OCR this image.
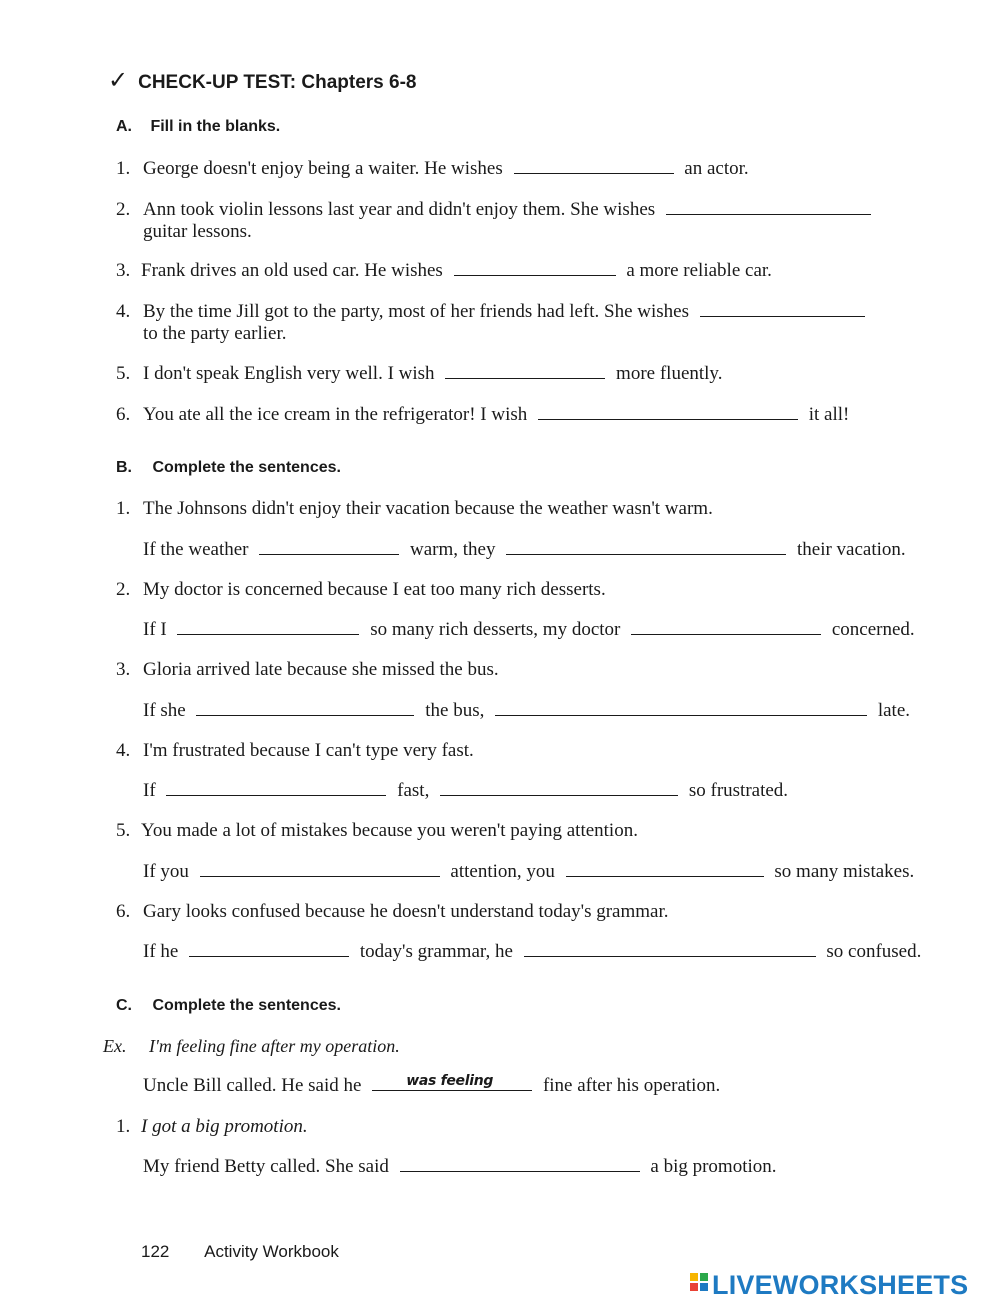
✓ CHECK-UP TEST: Chapters 6-8
A. Fill in the blanks.
1. George doesn't enjoy being a waiter. He wishes	an actor.
2. Ann took violin lessons last year and didn't enjoy them. She wishes
guitar lessons.
3. Frank drives an old used car. He wishes	a more reliable car.
4. By the time Jill got to the party, most of her friends had left. She wishes
to the party earlier.
5. I don't speak English very well. I wish	more fluently.
6. You ate all the ice cream in the refrigerator! I wish	it all!
B. Complete the sentences.
1. The Johnsons didn't enjoy their vacation because the weather wasn't warm.
If the weather	warm, they	their vacation.
2. My doctor is concerned because I eat too many rich desserts.
If I	so many rich desserts, my doctor	concerned.
3. Gloria arrived late because she missed the bus.
If she	the bus,	late.
4. I'm frustrated because I can't type very fast.
If	fast,	so frustrated.
5. You made a lot of mistakes because you weren't paying attention.
If you	attention, you	so many mistakes.
6. Gary looks confused because he doesn't understand today's grammar.
If he	today's grammar, he	so confused.
C. Complete the sentences.
Ex. I'm feeling fine after my operation.
Uncle Bill called. He said he	was feeling	fine after his operation.
1. I got a big promotion.
My friend Betty called. She said	a big promotion.
122 Activity Workbook
LIVEWORKSHEETS
